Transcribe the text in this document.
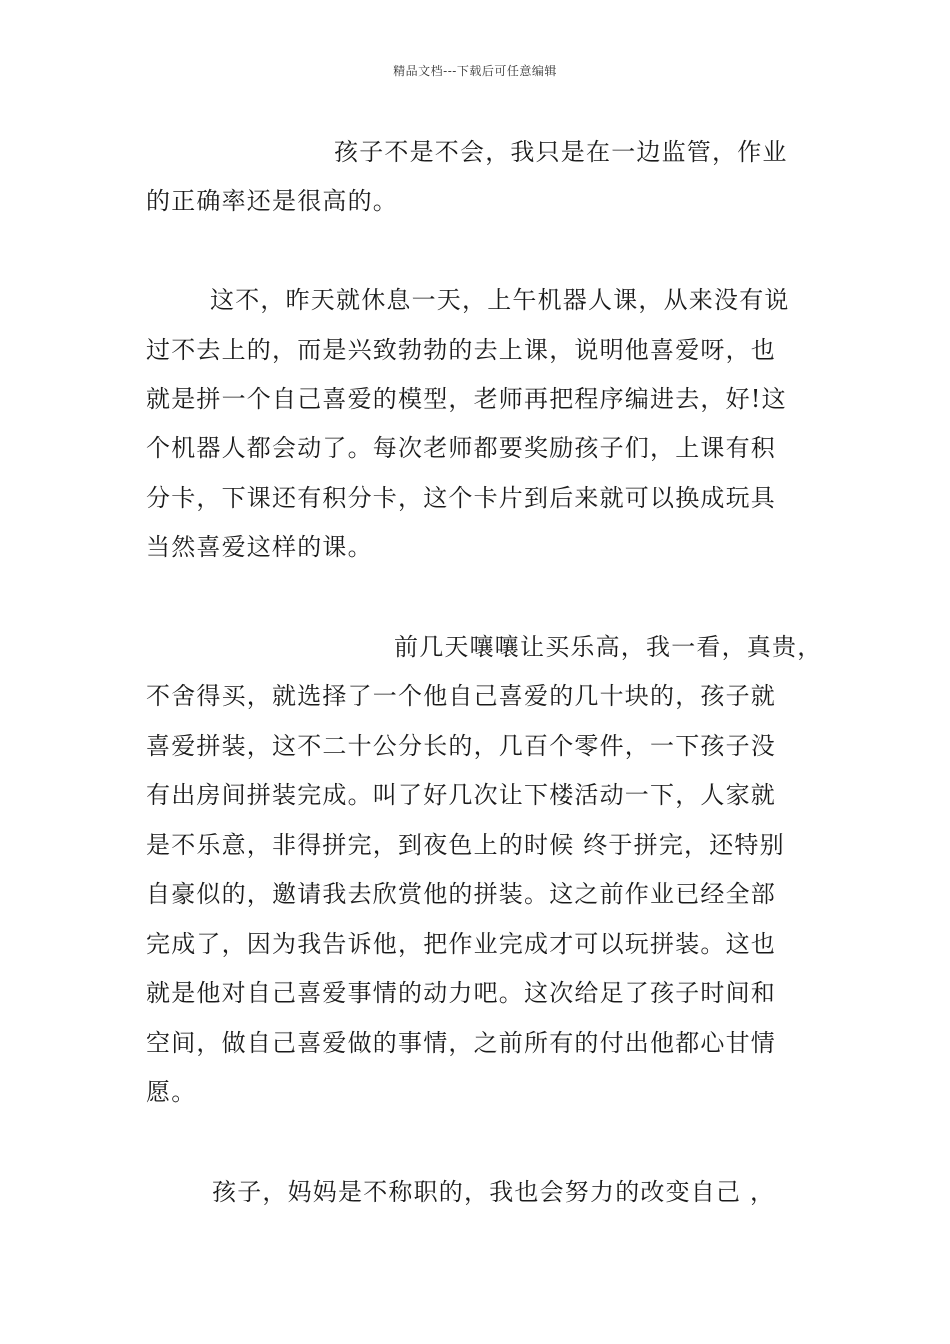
精品文档---下载后可任意编辑
孩子不是不会，我只是在一边监管，作业
的正确率还是很高的。
这不，昨天就休息一天，上午机器人课，从来没有说
过不去上的，而是兴致勃勃的去上课，说明他喜爱呀，也
就是拼一个自己喜爱的模型，老师再把程序编进去，好!这
个机器人都会动了。每次老师都要奖励孩子们，上课有积
分卡，下课还有积分卡，这个卡片到后来就可以换成玩具
当然喜爱这样的课。
前几天嚷嚷让买乐高，我一看，真贵，
不舍得买，就选择了一个他自己喜爱的几十块的，孩子就
喜爱拼装，这不二十公分长的，几百个零件，一下孩子没
有出房间拼装完成。叫了好几次让下楼活动一下，人家就
是不乐意，非得拼完，到夜色上的时候 终于拼完，还特别
自豪似的，邀请我去欣赏他的拼装。这之前作业已经全部
完成了，因为我告诉他，把作业完成才可以玩拼装。这也
就是他对自己喜爱事情的动力吧。这次给足了孩子时间和
空间，做自己喜爱做的事情，之前所有的付出他都心甘情
愿。
孩子，妈妈是不称职的，我也会努力的改变自己 ，
